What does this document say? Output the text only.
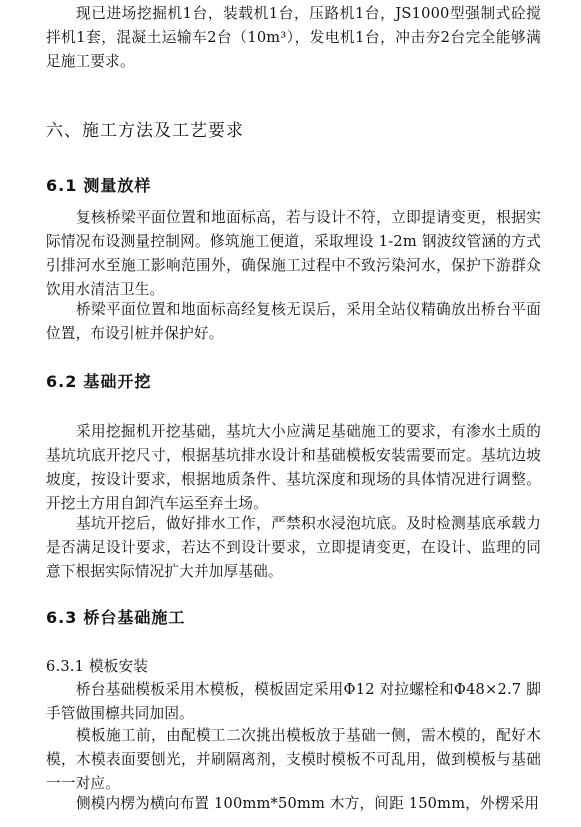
现已进场挖掘机1台，装载机1台，压路机1台，JS1000型强制式砼搅拌机1套，混凝土运输车2台（10m³），发电机1台，冲击夯2台完全能够满足施工要求。

六、施工方法及工艺要求
6.1 测量放样

复核桥梁平面位置和地面标高，若与设计不符，立即提请变更，根据实际情况布设测量控制网。修筑施工便道，采取埋设 1-2m 钢波纹管涵的方式引排河水至施工影响范围外，确保施工过程中不致污染河水，保护下游群众饮用水清洁卫生。

桥梁平面位置和地面标高经复核无误后，采用全站仪精确放出桥台平面位置，布设引桩并保护好。

6.2 基础开挖

采用挖掘机开挖基础，基坑大小应满足基础施工的要求，有渗水土质的基坑坑底开挖尺寸，根据基坑排水设计和基础模板安装需要而定。基坑边坡坡度，按设计要求，根据地质条件、基坑深度和现场的具体情况进行调整。开挖土方用自卸汽车运至弃土场。

基坑开挖后，做好排水工作，严禁积水浸泡坑底。及时检测基底承载力是否满足设计要求，若达不到设计要求，立即提请变更，在设计、监理的同意下根据实际情况扩大并加厚基础。

6.3 桥台基础施工
6.3.1 模板安装

桥台基础模板采用木模板，模板固定采用Φ12 对拉螺栓和Φ48×2.7 脚手管做围檩共同加固。

模板施工前，由配模工二次挑出模板放于基础一侧，需木模的，配好木模，木模表面要刨光，并刷隔离剂，支模时模板不可乱用，做到模板与基础一一对应。

侧模内楞为横向布置 100mm*50mm 木方，间距 150mm，外楞采用
